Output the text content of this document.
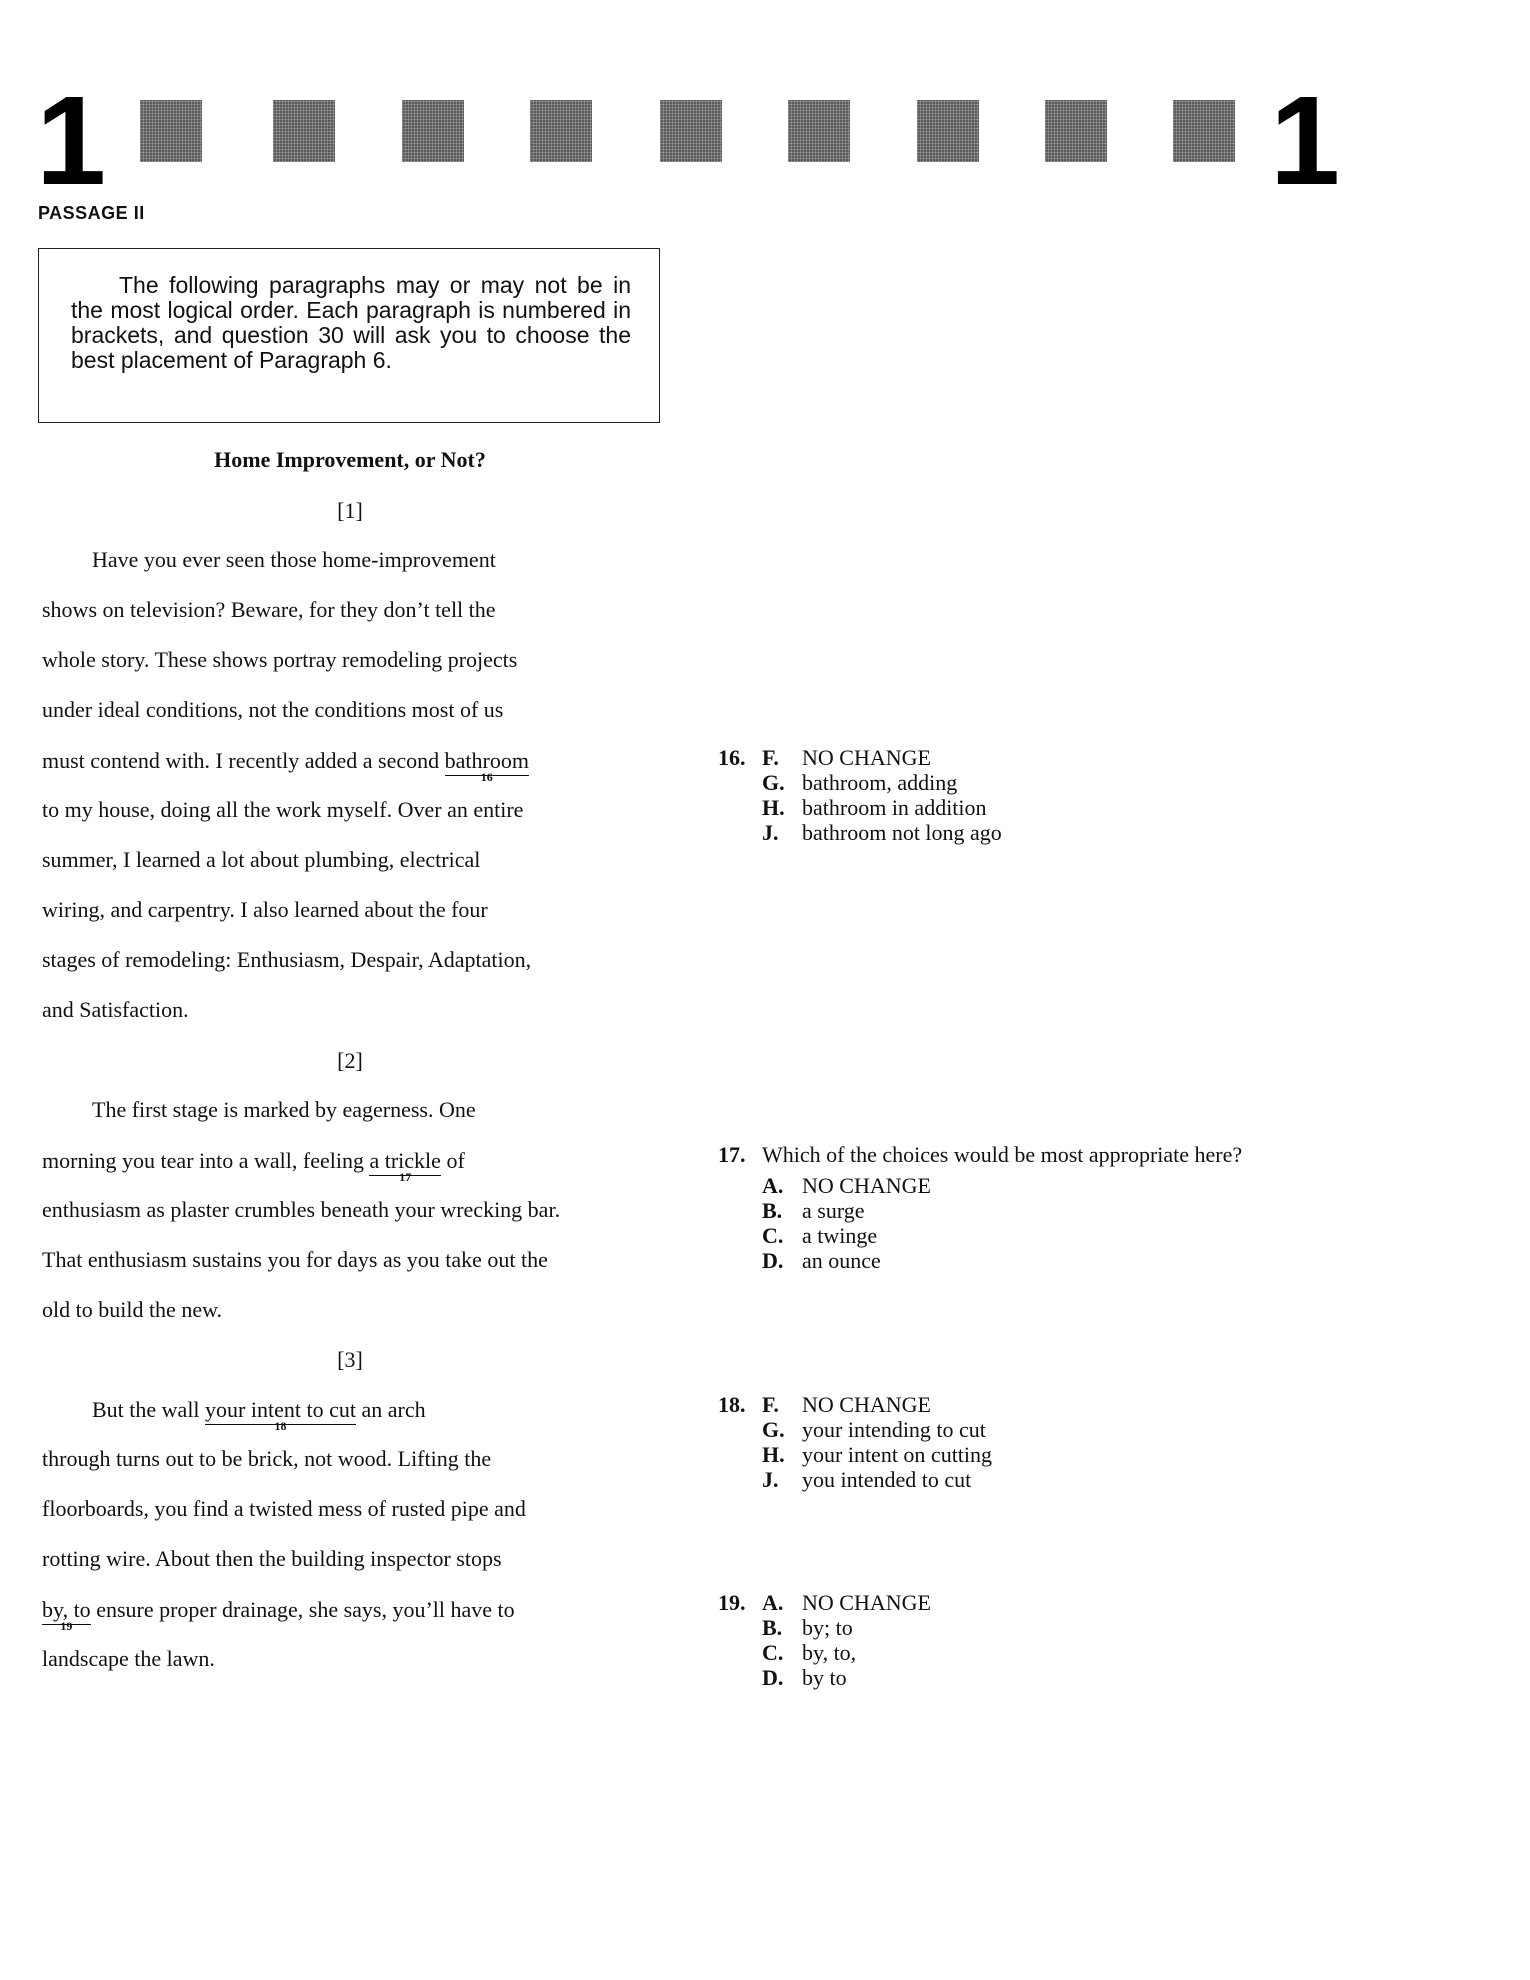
1	1
PASSAGE II
The following paragraphs may or may not be in the most logical order. Each paragraph is numbered in brackets, and question 30 will ask you to choose the best placement of Paragraph 6.
Home Improvement, or Not?
[1]
Have you ever seen those home-improvement
shows on television? Beware, for they don’t tell the
whole story. These shows portray remodeling projects
under ideal conditions, not the conditions most of us
must contend with. I recently added a second bathroom
16
to my house, doing all the work myself. Over an entire
summer, I learned a lot about plumbing, electrical
wiring, and carpentry. I also learned about the four
stages of remodeling: Enthusiasm, Despair, Adaptation,
and Satisfaction.
[2]
The first stage is marked by eagerness. One
morning you tear into a wall, feeling a trickle
17
of
enthusiasm as plaster crumbles beneath your wrecking bar.
That enthusiasm sustains you for days as you take out the
old to build the new.
[3]
But the wall your intent to cut
18
an arch
through turns out to be brick, not wood. Lifting the
floorboards, you find a twisted mess of rusted pipe and
rotting wire. About then the building inspector stops
by, to
19
ensure proper drainage, she says, you’ll have to
landscape the lawn.
16. F. NO CHANGE
G. bathroom, adding
H. bathroom in addition
J. bathroom not long ago
17. Which of the choices would be most appropriate here?
A. NO CHANGE
B. a surge
C. a twinge
D. an ounce
18. F. NO CHANGE
G. your intending to cut
H. your intent on cutting
J. you intended to cut
19. A. NO CHANGE
B. by; to
C. by, to,
D. by to
